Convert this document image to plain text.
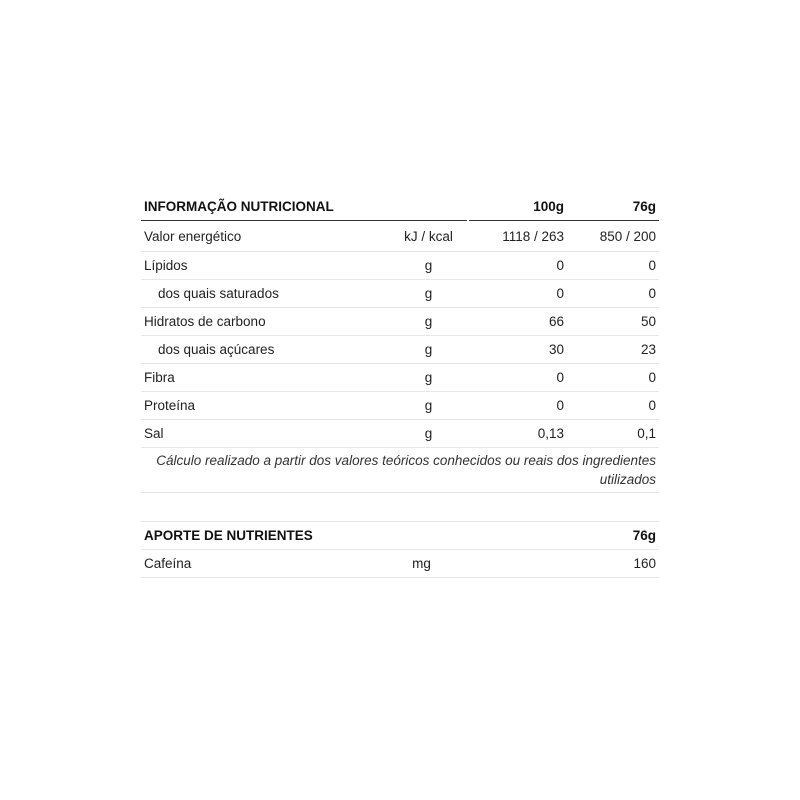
INFORMAÇÃO NUTRICIONAL		100g	76g
Valor energético	kJ / kcal	1118 / 263	850 / 200
Lípidos	g	0	0
dos quais saturados	g	0	0
Hidratos de carbono	g	66	50
dos quais açúcares	g	30	23
Fibra	g	0	0
Proteína	g	0	0
Sal	g	0,13	0,1
Cálculo realizado a partir dos valores teóricos conhecidos ou reais dos ingredientes utilizados			
APORTE DE NUTRIENTES		76g
Cafeína	mg	160
